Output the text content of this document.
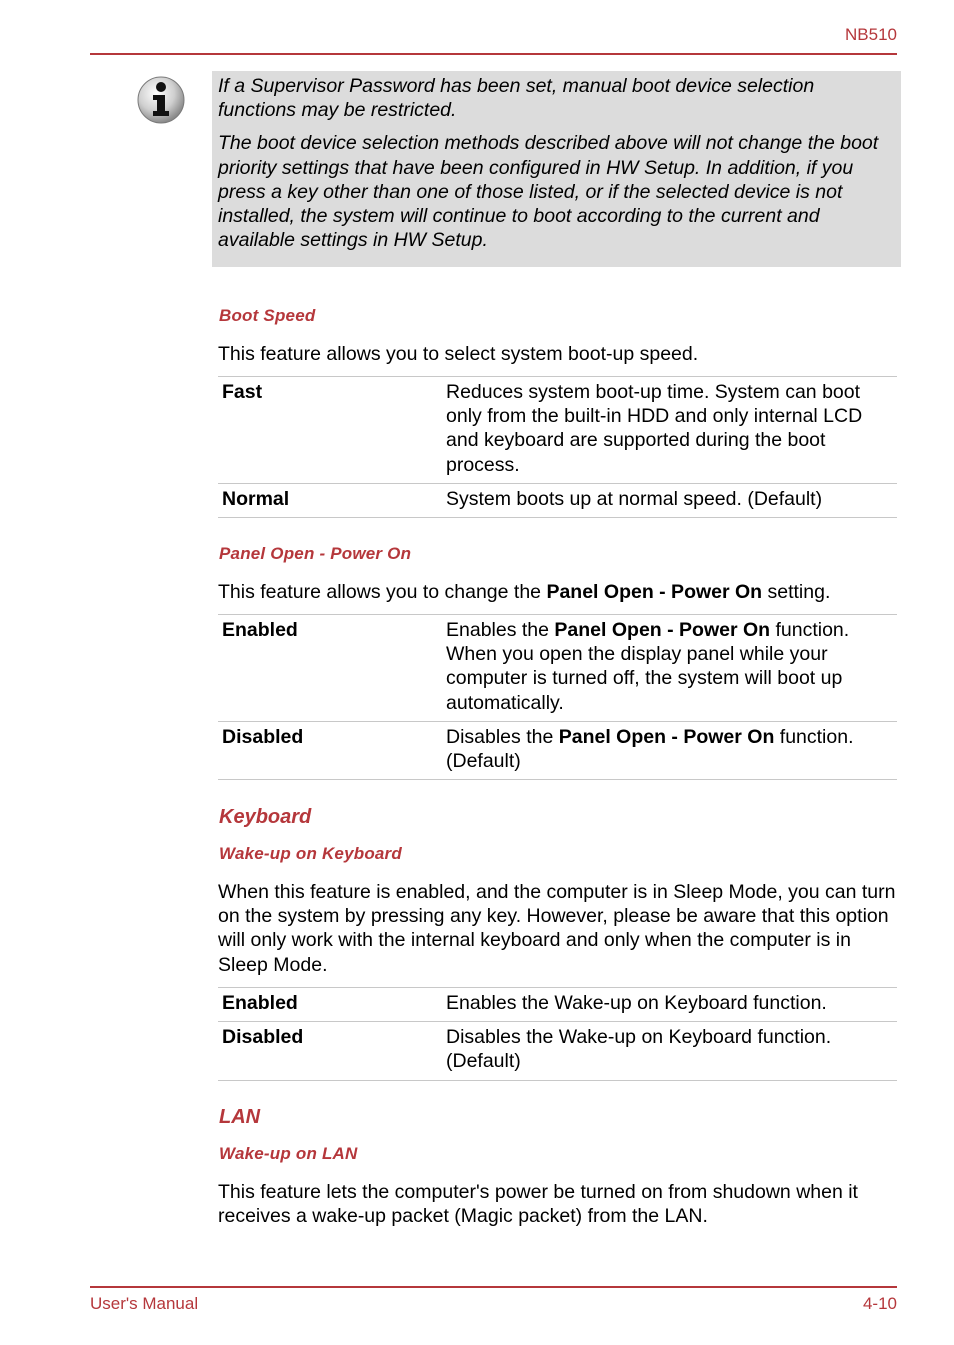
NB510

If a Supervisor Password has been set, manual boot device selection functions may be restricted.

The boot device selection methods described above will not change the boot priority settings that have been configured in HW Setup. In addition, if you press a key other than one of those listed, or if the selected device is not installed, the system will continue to boot according to the current and available settings in HW Setup.

Boot Speed
This feature allows you to select system boot-up speed.
Fast	Reduces system boot-up time. System can boot only from the built-in HDD and only internal LCD and keyboard are supported during the boot process.
Normal	System boots up at normal speed. (Default)
Panel Open - Power On
This feature allows you to change the Panel Open - Power On setting.
Enabled	Enables the Panel Open - Power On function. When you open the display panel while your computer is turned off, the system will boot up automatically.
Disabled	Disables the Panel Open - Power On function. (Default)
Keyboard
Wake-up on Keyboard
When this feature is enabled, and the computer is in Sleep Mode, you can turn on the system by pressing any key. However, please be aware that this option will only work with the internal keyboard and only when the computer is in Sleep Mode.
Enabled	Enables the Wake-up on Keyboard function.
Disabled	Disables the Wake-up on Keyboard function. (Default)
LAN
Wake-up on LAN
This feature lets the computer's power be turned on from shudown when it receives a wake-up packet (Magic packet) from the LAN.
User's Manual	4-10
